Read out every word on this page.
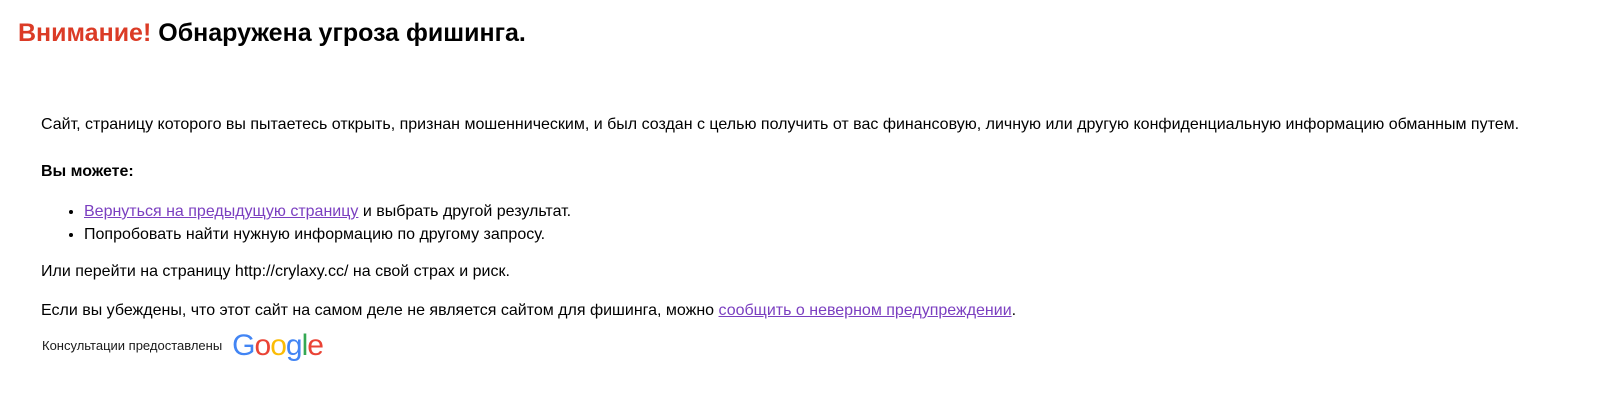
Внимание! Обнаружена угроза фишинга.

Сайт, страницу которого вы пытаетесь открыть, признан мошенническим, и был создан с целью получить от вас финансовую, личную или другую конфиденциальную информацию обманным путем.

Вы можете:

• Вернуться на предыдущую страницу и выбрать другой результат.
• Попробовать найти нужную информацию по другому запросу.

Или перейти на страницу http://crylaxy.cc/ на свой страх и риск.

Если вы убеждены, что этот сайт на самом деле не является сайтом для фишинга, можно сообщить о неверном предупреждении.

Консультации предоставлены Google
